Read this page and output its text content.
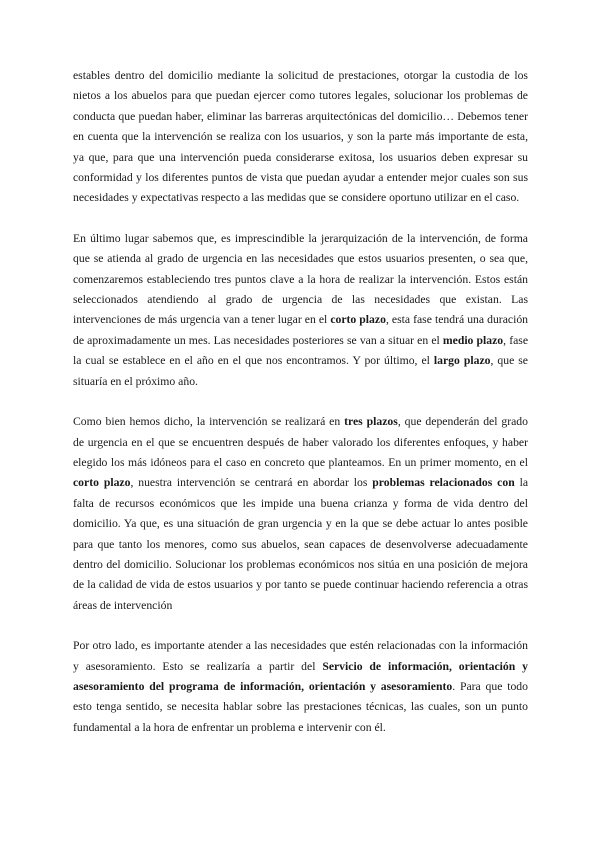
estables dentro del domicilio mediante la solicitud de prestaciones, otorgar la custodia de los nietos a los abuelos para que puedan ejercer como tutores legales, solucionar los problemas de conducta que puedan haber, eliminar las barreras arquitectónicas del domicilio… Debemos tener en cuenta que la intervención se realiza con los usuarios, y son la parte más importante de esta, ya que, para que una intervención pueda considerarse exitosa, los usuarios deben expresar su conformidad y los diferentes puntos de vista que puedan ayudar a entender mejor cuales son sus necesidades y expectativas respecto a las medidas que se considere oportuno utilizar en el caso.

En último lugar sabemos que, es imprescindible la jerarquización de la intervención, de forma que se atienda al grado de urgencia en las necesidades que estos usuarios presenten, o sea que, comenzaremos estableciendo tres puntos clave a la hora de realizar la intervención. Estos están seleccionados atendiendo al grado de urgencia de las necesidades que existan. Las intervenciones de más urgencia van a tener lugar en el corto plazo, esta fase tendrá una duración de aproximadamente un mes. Las necesidades posteriores se van a situar en el medio plazo, fase la cual se establece en el año en el que nos encontramos. Y por último, el largo plazo, que se situaría en el próximo año.

Como bien hemos dicho, la intervención se realizará en tres plazos, que dependerán del grado de urgencia en el que se encuentren después de haber valorado los diferentes enfoques, y haber elegido los más idóneos para el caso en concreto que planteamos. En un primer momento, en el corto plazo, nuestra intervención se centrará en abordar los problemas relacionados con la falta de recursos económicos que les impide una buena crianza y forma de vida dentro del domicilio. Ya que, es una situación de gran urgencia y en la que se debe actuar lo antes posible para que tanto los menores, como sus abuelos, sean capaces de desenvolverse adecuadamente dentro del domicilio. Solucionar los problemas económicos nos sitúa en una posición de mejora de la calidad de vida de estos usuarios y por tanto se puede continuar haciendo referencia a otras áreas de intervención

Por otro lado, es importante atender a las necesidades que estén relacionadas con la información y asesoramiento. Esto se realizaría a partir del Servicio de información, orientación y asesoramiento del programa de información, orientación y asesoramiento. Para que todo esto tenga sentido, se necesita hablar sobre las prestaciones técnicas, las cuales, son un punto fundamental a la hora de enfrentar un problema e intervenir con él.
